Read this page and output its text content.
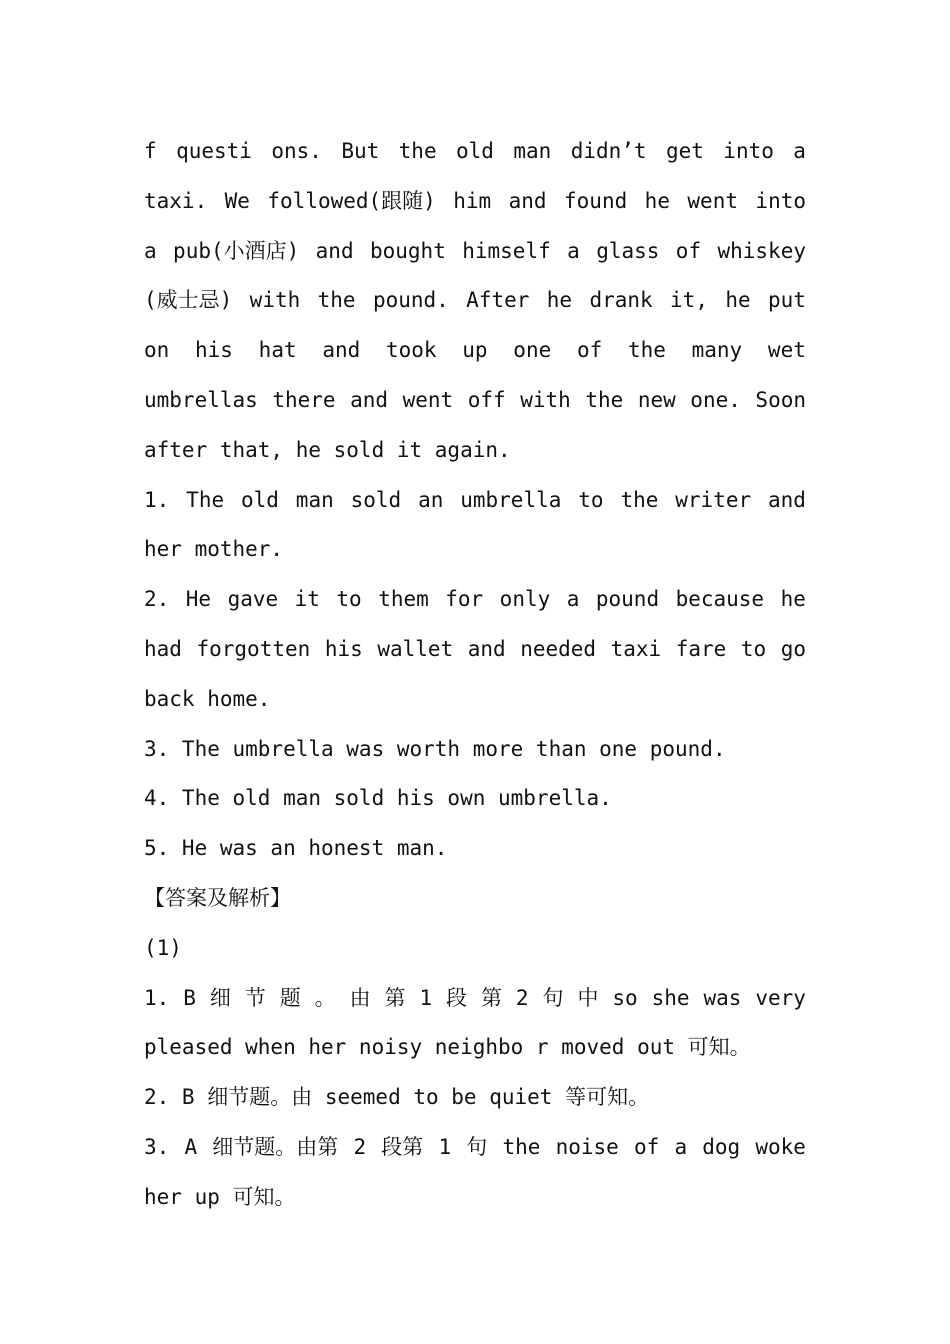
f questi ons. But the old man didn’t get into a
taxi. We followed(跟随) him and found he went into
a pub(小酒店) and bought himself a glass of whiskey
(威士忌) with the pound. After he drank it, he put
on his hat and took up one of the many wet
umbrellas there and went off with the new one. Soon
after that, he sold it again.
1. The old man sold an umbrella to the writer and
her mother.
2. He gave it to them for only a pound because he
had forgotten his wallet and needed taxi fare to go
back home.
3. The umbrella was worth more than one pound.
4. The old man sold his own umbrella.
5. He was an honest man.
【答案及解析】
(1)
1. B 细 节 题 。 由 第 1 段 第 2 句 中 so she was very
pleased when her noisy neighbo r moved out 可知。
2. B 细节题。由 seemed to be quiet 等可知。
3. A 细节题。由第 2 段第 1 句 the noise of a dog woke
her up 可知。
